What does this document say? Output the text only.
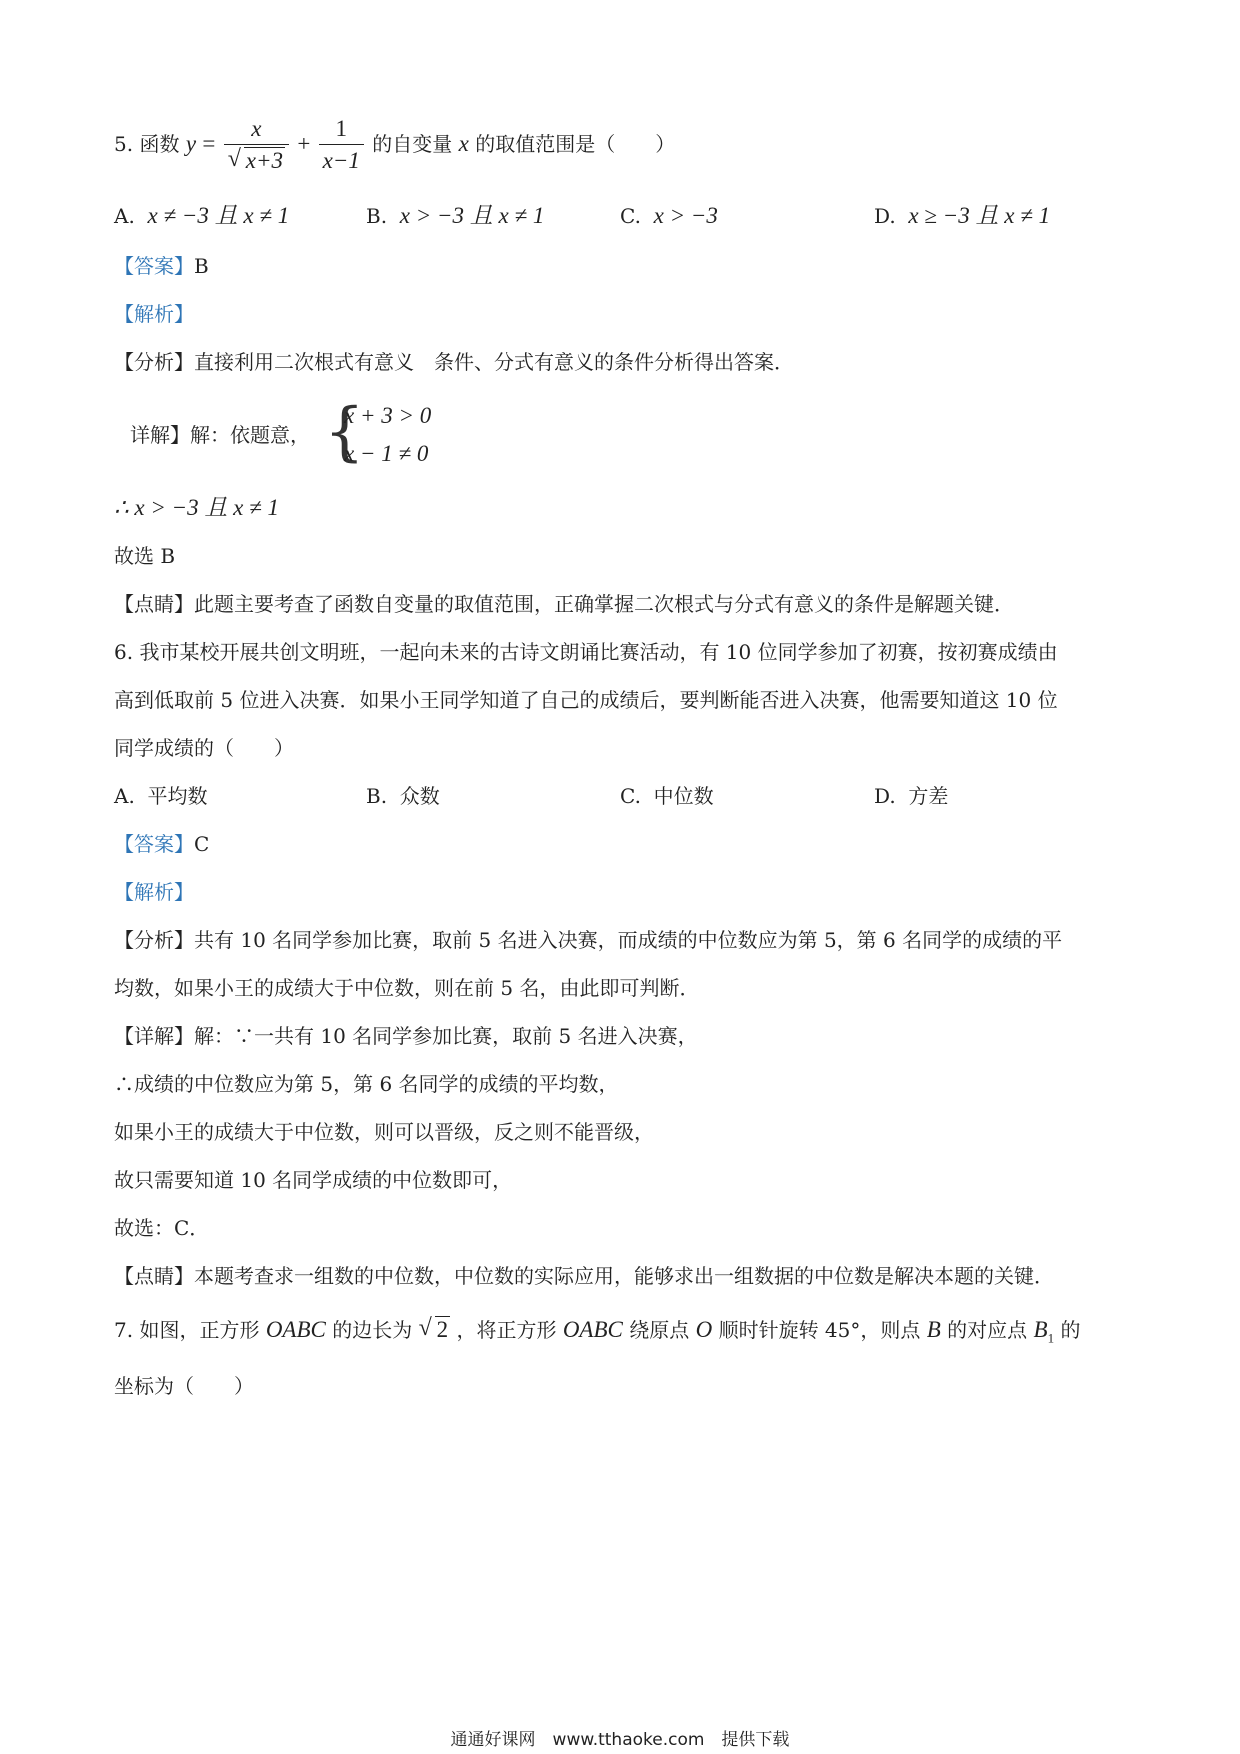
5. 函数 y = x
√ $x+3 + \frac{1}{x-1}$ 的自变量 x 的取值范围是（　　）
A. x ≠ −3 且 x ≠ 1	B. x > −3 且 x ≠ 1	C. x > −3	D. x ≥ −3 且 x ≠ 1
【答案】B
【解析】
【分析】直接利用二次根式有意义　条件、分式有意义的条件分析得出答案．
详解】解：依题意， {
x + 3 > 0
x − 1 ≠ 0
∴ x > −3 且 x ≠ 1
故选 B
【点睛】此题主要考查了函数自变量的取值范围，正确掌握二次根式与分式有意义的条件是解题关键．
6. 我市某校开展共创文明班，一起向未来的古诗文朗诵比赛活动，有 10 位同学参加了初赛，按初赛成绩由
高到低取前 5 位进入决赛．如果小王同学知道了自己的成绩后，要判断能否进入决赛，他需要知道这 10 位
同学成绩的（　　）
A. 平均数	B. 众数	C. 中位数	D. 方差
【答案】C
【解析】
【分析】共有 10 名同学参加比赛，取前 5 名进入决赛，而成绩的中位数应为第 5，第 6 名同学的成绩的平
均数，如果小王的成绩大于中位数，则在前 5 名，由此即可判断．
【详解】解：∵一共有 10 名同学参加比赛，取前 5 名进入决赛，
∴成绩的中位数应为第 5，第 6 名同学的成绩的平均数，
如果小王的成绩大于中位数，则可以晋级，反之则不能晋级，
故只需要知道 10 名同学成绩的中位数即可，
故选：C．
【点睛】本题考查求一组数的中位数，中位数的实际应用，能够求出一组数据的中位数是解决本题的关键．
7. 如图，正方形 OABC 的边长为 √ 2 ，将正方形 OABC 绕原点 O 顺时针旋转 45°，则点 B 的对应点 $B_1$ 的
坐标为（　　）
通通好课网　www.tthaoke.com　提供下载
